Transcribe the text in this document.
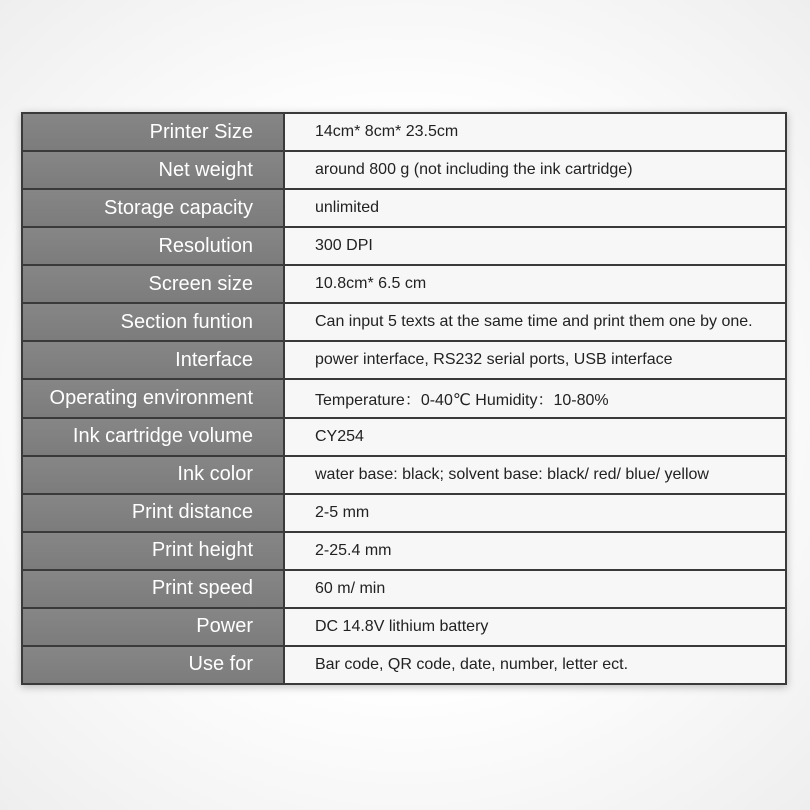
Printer Size	14cm* 8cm* 23.5cm
Net weight	around 800 g (not including the ink cartridge)
Storage capacity	unlimited
Resolution	300 DPI
Screen size	10.8cm* 6.5 cm
Section funtion	Can input 5 texts at the same time and print them one by one.
Interface	power interface, RS232 serial ports, USB interface
Operating environment	Temperature：0-40℃ Humidity：10-80%
Ink cartridge volume	CY254
Ink color	water base: black; solvent base: black/ red/ blue/ yellow
Print distance	2-5 mm
Print height	2-25.4 mm
Print speed	60 m/ min
Power	DC 14.8V lithium battery
Use for	Bar code, QR code, date, number, letter ect.
